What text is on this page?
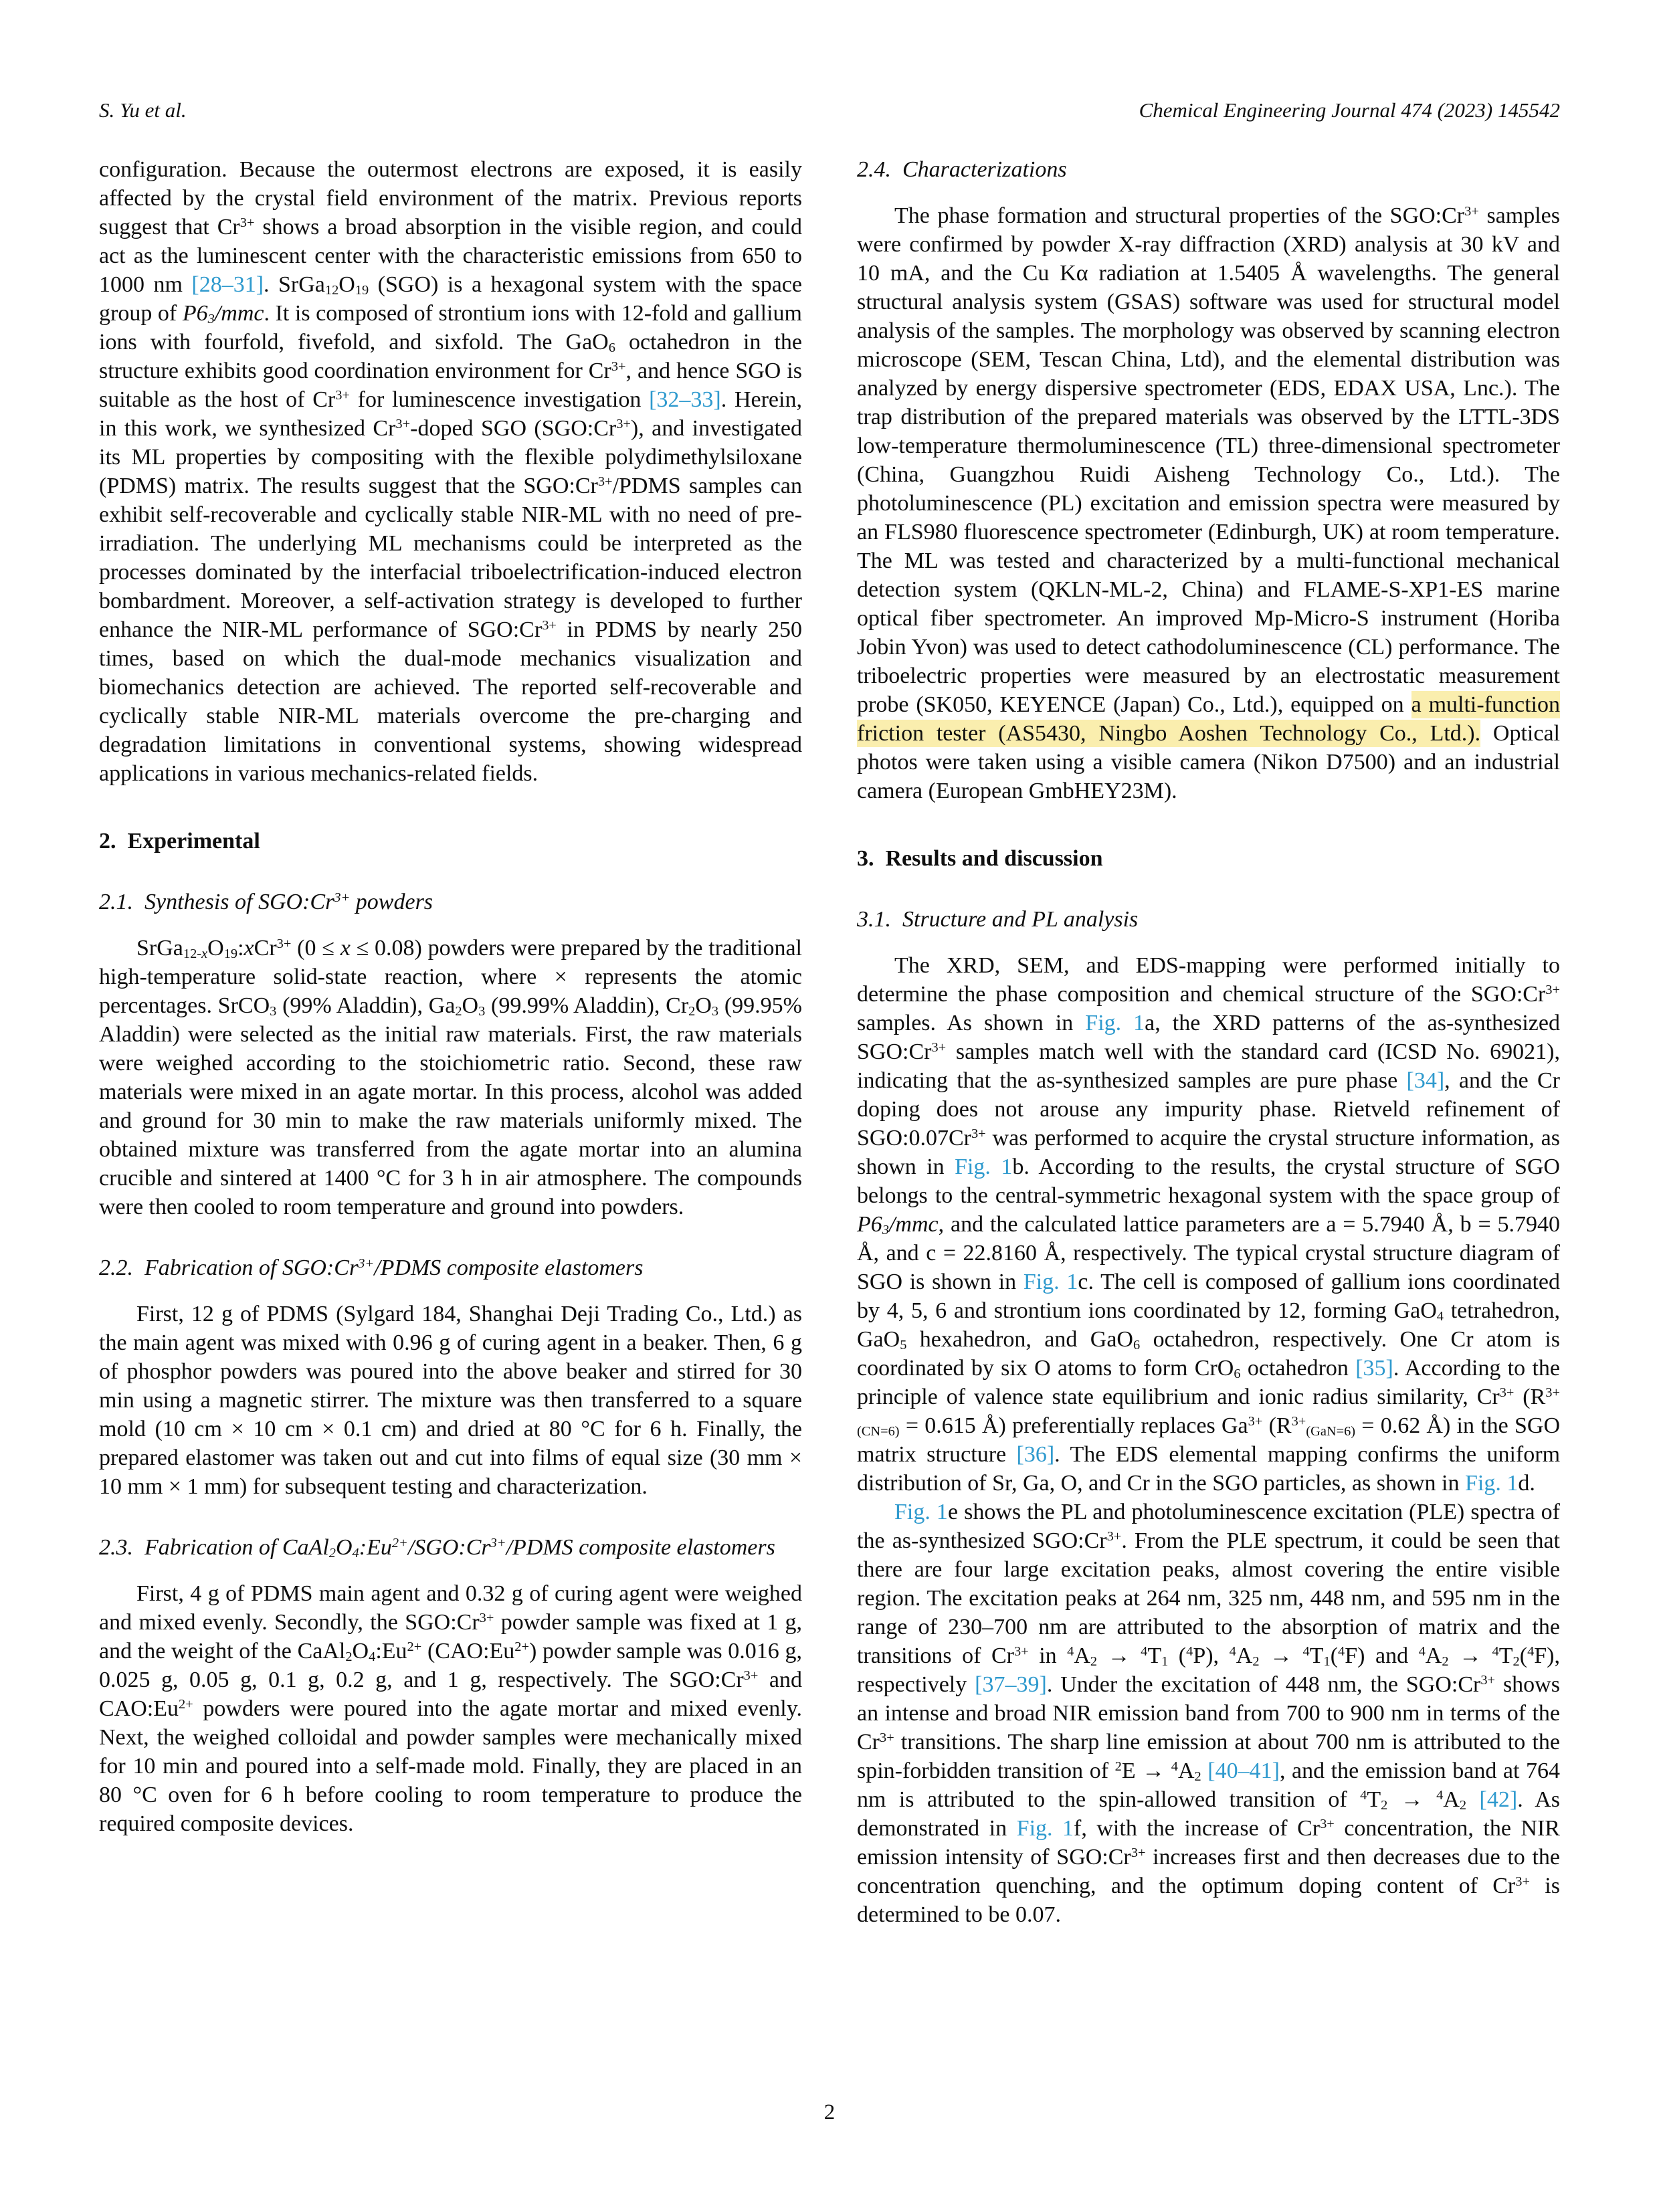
S. Yu et al.	Chemical Engineering Journal 474 (2023) 145542
configuration. Because the outermost electrons are exposed, it is easily affected by the crystal field environment of the matrix. Previous reports suggest that $Cr^{3+}$ shows a broad absorption in the visible region, and could act as the luminescent center with the characteristic emissions from 650 to 1000 nm [28–31]. $SrGa_{12}O_{19}$ (SGO) is a hexagonal system with the space group of $P6_3$/mmc. It is composed of strontium ions with 12-fold and gallium ions with fourfold, fivefold, and sixfold. The GaO$_6$ octahedron in the structure exhibits good coordination environment for $Cr^{3+}$, and hence SGO is suitable as the host of $Cr^{3+}$ for luminescence investigation [32–33]. Herein, in this work, we synthesized $Cr^{3+}$-doped SGO $(SGO:Cr^{3+})$, and investigated its ML properties by compositing with the flexible polydimethylsiloxane (PDMS) matrix. The results suggest that the $SGO:Cr^{3+}$/PDMS samples can exhibit self-recoverable and cyclically stable NIR-ML with no need of pre-irradiation. The underlying ML mechanisms could be interpreted as the processes dominated by the interfacial triboelectrification-induced electron bombardment. Moreover, a self-activation strategy is developed to further enhance the NIR-ML performance of $SGO:Cr^{3+}$ in PDMS by nearly 250 times, based on which the dual-mode mechanics visualization and biomechanics detection are achieved. The reported self-recoverable and cyclically stable NIR-ML materials overcome the pre-charging and degradation limitations in conventional systems, showing widespread applications in various mechanics-related fields.
2. Experimental
2.1. Synthesis of $SGO:Cr^{3+}$ powders
$SrGa_{12-x}O_{19}:xCr^{3+}$ (0 ≤ x ≤ 0.08) powders were prepared by the traditional high-temperature solid-state reaction, where × represents the atomic percentages. SrCO$_3$ (99% Aladdin), $Ga_2O_3$ (99.99% Aladdin), $Cr_2O_3$ (99.95% Aladdin) were selected as the initial raw materials. First, the raw materials were weighed according to the stoichiometric ratio. Second, these raw materials were mixed in an agate mortar. In this process, alcohol was added and ground for 30 min to make the raw materials uniformly mixed. The obtained mixture was transferred from the agate mortar into an alumina crucible and sintered at 1400 °C for 3 h in air atmosphere. The compounds were then cooled to room temperature and ground into powders.
2.2. Fabrication of $SGO:Cr^{3+}$/PDMS composite elastomers
First, 12 g of PDMS (Sylgard 184, Shanghai Deji Trading Co., Ltd.) as the main agent was mixed with 0.96 g of curing agent in a beaker. Then, 6 g of phosphor powders was poured into the above beaker and stirred for 30 min using a magnetic stirrer. The mixture was then transferred to a square mold (10 cm × 10 cm × 0.1 cm) and dried at 80 °C for 6 h. Finally, the prepared elastomer was taken out and cut into films of equal size (30 mm × 10 mm × 1 mm) for subsequent testing and characterization.
2.3. Fabrication of $CaAl_2O_4:Eu^{2+}/SGO:Cr^{3+}$/PDMS composite elastomers
First, 4 g of PDMS main agent and 0.32 g of curing agent were weighed and mixed evenly. Secondly, the $SGO:Cr^{3+}$ powder sample was fixed at 1 g, and the weight of the $CaAl_2O_4:Eu^{2+}$ $(CAO:Eu^{2+})$ powder sample was 0.016 g, 0.025 g, 0.05 g, 0.1 g, 0.2 g, and 1 g, respectively. The $SGO:Cr^{3+}$ and $CAO:Eu^{2+}$ powders were poured into the agate mortar and mixed evenly. Next, the weighed colloidal and powder samples were mechanically mixed for 10 min and poured into a self-made mold. Finally, they are placed in an 80 °C oven for 6 h before cooling to room temperature to produce the required composite devices.
2.4. Characterizations
The phase formation and structural properties of the $SGO:Cr^{3+}$ samples were confirmed by powder X-ray diffraction (XRD) analysis at 30 kV and 10 mA, and the Cu Kα radiation at 1.5405 Å wavelengths. The general structural analysis system (GSAS) software was used for structural model analysis of the samples. The morphology was observed by scanning electron microscope (SEM, Tescan China, Ltd), and the elemental distribution was analyzed by energy dispersive spectrometer (EDS, EDAX USA, Lnc.). The trap distribution of the prepared materials was observed by the LTTL-3DS low-temperature thermoluminescence (TL) three-dimensional spectrometer (China, Guangzhou Ruidi Aisheng Technology Co., Ltd.). The photoluminescence (PL) excitation and emission spectra were measured by an FLS980 fluorescence spectrometer (Edinburgh, UK) at room temperature. The ML was tested and characterized by a multi-functional mechanical detection system (QKLN-ML-2, China) and FLAME-S-XP1-ES marine optical fiber spectrometer. An improved Mp-Micro-S instrument (Horiba Jobin Yvon) was used to detect cathodoluminescence (CL) performance. The triboelectric properties were measured by an electrostatic measurement probe (SK050, KEYENCE (Japan) Co., Ltd.), equipped on a multi-function friction tester (AS5430, Ningbo Aoshen Technology Co., Ltd.). Optical photos were taken using a visible camera (Nikon D7500) and an industrial camera (European GmbHEY23M).
3. Results and discussion
3.1. Structure and PL analysis
The XRD, SEM, and EDS-mapping were performed initially to determine the phase composition and chemical structure of the $SGO:Cr^{3+}$ samples. As shown in Fig. 1a, the XRD patterns of the as-synthesized $SGO:Cr^{3+}$ samples match well with the standard card (ICSD No. 69021), indicating that the as-synthesized samples are pure phase [34], and the Cr doping does not arouse any impurity phase. Rietveld refinement of $SGO:0.07Cr^{3+}$ was performed to acquire the crystal structure information, as shown in Fig. 1b. According to the results, the crystal structure of SGO belongs to the central-symmetric hexagonal system with the space group of $P6_3$/mmc, and the calculated lattice parameters are a = 5.7940 Å, b = 5.7940 Å, and c = 22.8160 Å, respectively. The typical crystal structure diagram of SGO is shown in Fig. 1c. The cell is composed of gallium ions coordinated by 4, 5, 6 and strontium ions coordinated by 12, forming GaO$_4$ tetrahedron, GaO$_5$ hexahedron, and GaO$_6$ octahedron, respectively. One Cr atom is coordinated by six O atoms to form CrO$_6$ octahedron [35]. According to the principle of valence state equilibrium and ionic radius similarity, $Cr^{3+}$ ($R^{3+}_{(CN=6)} = 0.615$ Å) preferentially replaces $Ga^{3+}$ ($R^{3+}_{(GaN=6)} = 0.62$ Å) in the SGO matrix structure [36]. The EDS elemental mapping confirms the uniform distribution of Sr, Ga, O, and Cr in the SGO particles, as shown in Fig. 1d.
Fig. 1e shows the PL and photoluminescence excitation (PLE) spectra of the as-synthesized $SGO:Cr^{3+}$. From the PLE spectrum, it could be seen that there are four large excitation peaks, almost covering the entire visible region. The excitation peaks at 264 nm, 325 nm, 448 nm, and 595 nm in the range of 230–700 nm are attributed to the absorption of matrix and the transitions of $Cr^{3+}$ in $^4A_2 \to ^4T_1$ ($^4$P), $^4A_2 \to ^4T_1(^4F)$ and $^4A_2 \to ^4T_2(^4F)$, respectively [37–39]. Under the excitation of 448 nm, the $SGO:Cr^{3+}$ shows an intense and broad NIR emission band from 700 to 900 nm in terms of the $Cr^{3+}$ transitions. The sharp line emission at about 700 nm is attributed to the spin-forbidden transition of $^2E \to ^4A_2$ [40–41], and the emission band at 764 nm is attributed to the spin-allowed transition of $^4T_2 \to ^4A_2$ [42]. As demonstrated in Fig. 1f, with the increase of $Cr^{3+}$ concentration, the NIR emission intensity of $SGO:Cr^{3+}$ increases first and then decreases due to the concentration quenching, and the optimum doping content of $Cr^{3+}$ is determined to be 0.07.
2
